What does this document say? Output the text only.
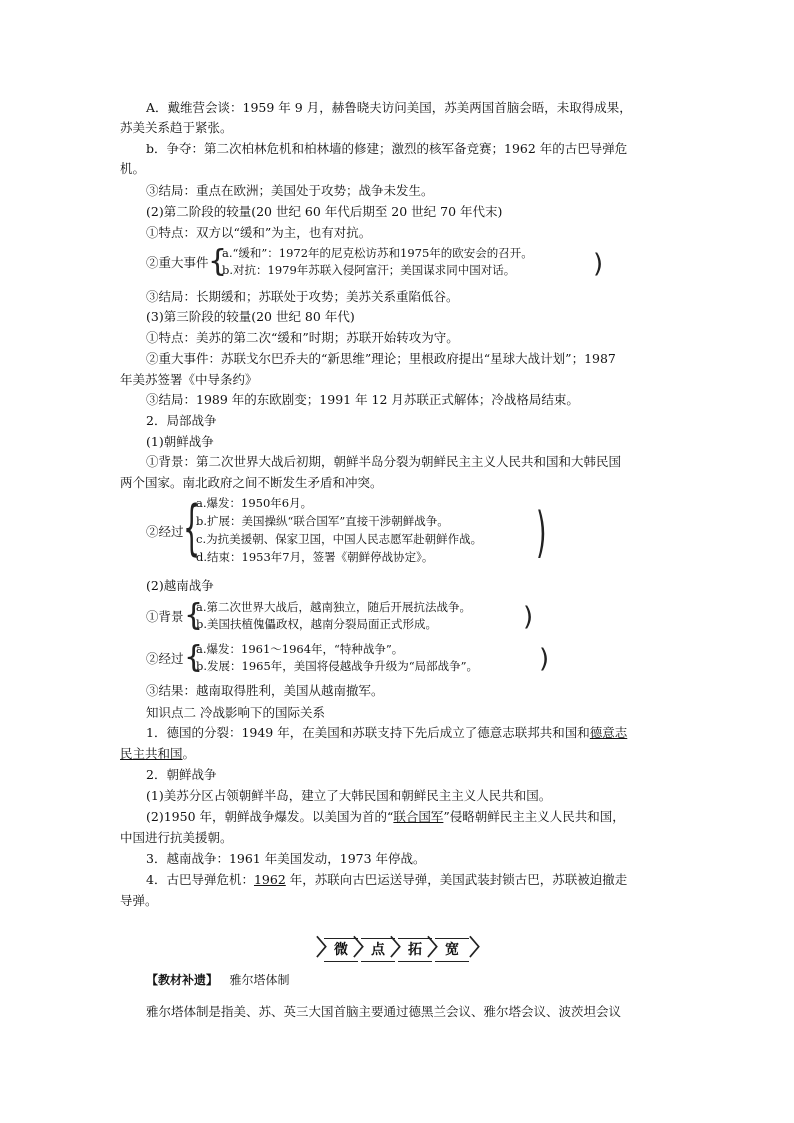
A．戴维营会谈：1959 年 9 月，赫鲁晓夫访问美国，苏美两国首脑会晤，未取得成果，
苏美关系趋于紧张。
b．争夺：第二次柏林危机和柏林墙的修建；激烈的核军备竞赛；1962 年的古巴导弹危
机。
③结局：重点在欧洲；美国处于攻势；战争未发生。
(2)第二阶段的较量(20 世纪 60 年代后期至 20 世纪 70 年代末)
①特点：双方以“缓和”为主，也有对抗。
②重大事件 {
a.“缓和”：1972年的尼克松访苏和1975年的欧安会的召开。
b.对抗：1979年苏联入侵阿富汗；美国谋求同中国对话。	)
③结局：长期缓和；苏联处于攻势；美苏关系重陷低谷。
(3)第三阶段的较量(20 世纪 80 年代)
①特点：美苏的第二次“缓和”时期；苏联开始转攻为守。
②重大事件：苏联戈尔巴乔夫的“新思维”理论；里根政府提出“星球大战计划”；1987
年美苏签署《中导条约》
③结局：1989 年的东欧剧变；1991 年 12 月苏联正式解体；冷战格局结束。
2．局部战争
(1)朝鲜战争
①背景：第二次世界大战后初期，朝鲜半岛分裂为朝鲜民主主义人民共和国和大韩民国
两个国家。南北政府之间不断发生矛盾和冲突。
②经过 {
a.爆发：1950年6月。
b.扩展：美国操纵“联合国军”直接干涉朝鲜战争。
c.为抗美援朝、保家卫国，中国人民志愿军赴朝鲜作战。
d.结束：1953年7月，签署《朝鲜停战协定》。 )
(2)越南战争
①背景 {
a.第二次世界大战后，越南独立，随后开展抗法战争。
b.美国扶植傀儡政权，越南分裂局面正式形成。	)
②经过 {
a.爆发：1961～1964年，“特种战争”。
b.发展：1965年，美国将侵越战争升级为“局部战争”。 )
③结果：越南取得胜利，美国从越南撤军。
知识点二 冷战影响下的国际关系
1．德国的分裂：1949 年，在美国和苏联支持下先后成立了德意志联邦共和国和德意志
民主共和国。
2．朝鲜战争
(1)美苏分区占领朝鲜半岛，建立了大韩民国和朝鲜民主主义人民共和国。
(2)1950 年，朝鲜战争爆发。以美国为首的“联合国军”侵略朝鲜民主主义人民共和国，
中国进行抗美援朝。
3．越南战争：1961 年美国发动，1973 年停战。
4．古巴导弹危机：1962 年，苏联向古巴运送导弹，美国武装封锁古巴，苏联被迫撤走
导弹。
〉
微 〉
点 〉
拓 〉
宽 〉
【教材补遗】 雅尔塔体制
雅尔塔体制是指美、苏、英三大国首脑主要通过德黑兰会议、雅尔塔会议、波茨坦会议
